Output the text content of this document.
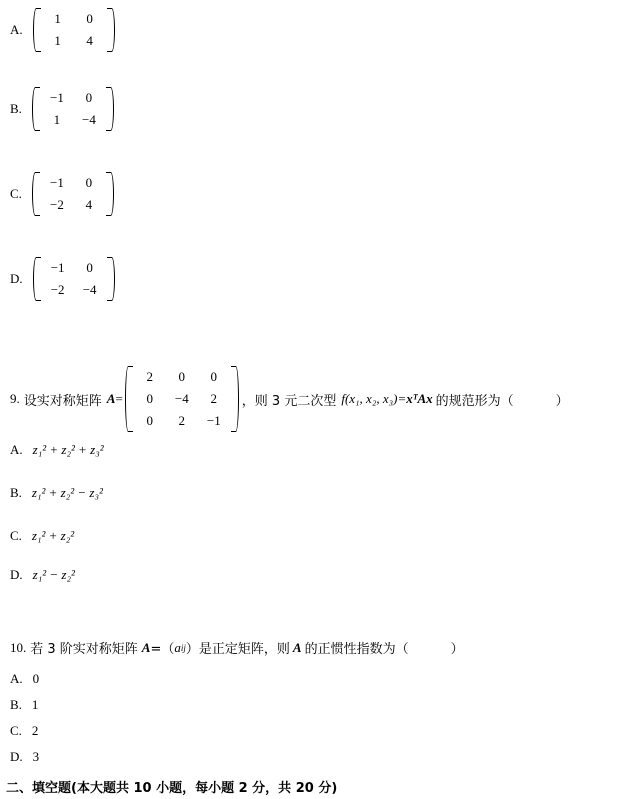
A.
1	0
1	4
B.
−1	0
1	−4
C.
−1	0
−2	4
D.
−1	0
−2	−4
9. 设实对称矩阵 A =
2	0	0
0	−4	2
0	2	−1
，则 3 元二次型 f(x₁, x₂, x₃)= xᵀAx 的规范形为（	）
A. z₁² + z₂² + z₃²
B. z₁² + z₂² − z₃²
C. z₁² + z₂²
D. z₁² − z₂²
10. 若 3 阶实对称矩阵 A =（ a ij ） 是正定矩阵，则 A 的正惯性指数为（	）
A. 0
B. 1
C. 2
D. 3
二、填空题(本大题共 10 小题，每小题 2 分，共 20 分)
